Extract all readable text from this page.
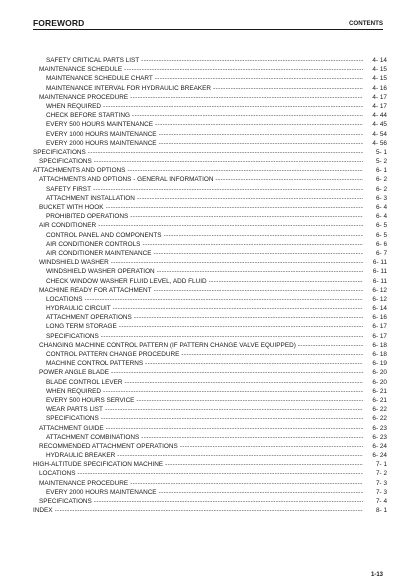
FOREWORD	CONTENTS
SAFETY CRITICAL PARTS LIST -----	4- 14
MAINTENANCE SCHEDULE -----	4- 15
MAINTENANCE SCHEDULE CHART -----	4- 15
MAINTENANCE INTERVAL FOR HYDRAULIC BREAKER -----	4- 16
MAINTENANCE PROCEDURE -----	4- 17
WHEN REQUIRED -----	4- 17
CHECK BEFORE STARTING -----	4- 44
EVERY 500 HOURS MAINTENANCE -----	4- 45
EVERY 1000 HOURS MAINTENANCE -----	4- 54
EVERY 2000 HOURS MAINTENANCE -----	4- 56
SPECIFICATIONS -----	5- 1
SPECIFICATIONS -----	5- 2
ATTACHMENTS AND OPTIONS -----	6- 1
ATTACHMENTS AND OPTIONS - GENERAL INFORMATION -----	6- 2
SAFETY FIRST -----	6- 2
ATTACHMENT INSTALLATION -----	6- 3
BUCKET WITH HOOK -----	6- 4
PROHIBITED OPERATIONS -----	6- 4
AIR CONDITIONER -----	6- 5
CONTROL PANEL AND COMPONENTS -----	6- 5
AIR CONDITIONER CONTROLS -----	6- 6
AIR CONDITIONER MAINTENANCE -----	6- 7
WINDSHIELD WASHER -----	6- 11
WINDSHIELD WASHER OPERATION -----	6- 11
CHECK WINDOW WASHER FLUID LEVEL, ADD FLUID -----	6- 11
MACHINE READY FOR ATTACHMENT -----	6- 12
LOCATIONS -----	6- 12
HYDRAULIC CIRCUIT -----	6- 14
ATTACHMENT OPERATIONS -----	6- 16
LONG TERM STORAGE -----	6- 17
SPECIFICATIONS -----	6- 17
CHANGING MACHINE CONTROL PATTERN (IF PATTERN CHANGE VALVE EQUIPPED) -----	6- 18
CONTROL PATTERN CHANGE PROCEDURE -----	6- 18
MACHINE CONTROL PATTERNS -----	6- 19
POWER ANGLE BLADE -----	6- 20
BLADE CONTROL LEVER -----	6- 20
WHEN REQUIRED -----	6- 21
EVERY 500 HOURS SERVICE -----	6- 21
WEAR PARTS LIST -----	6- 22
SPECIFICATIONS -----	6- 22
ATTACHMENT GUIDE -----	6- 23
ATTACHMENT COMBINATIONS -----	6- 23
RECOMMENDED ATTACHMENT OPERATIONS -----	6- 24
HYDRAULIC BREAKER -----	6- 24
HIGH-ALTITUDE SPECIFICATION MACHINE -----	7- 1
LOCATIONS -----	7- 2
MAINTENANCE PROCEDURE -----	7- 3
EVERY 2000 HOURS MAINTENANCE -----	7- 3
SPECIFICATIONS -----	7- 4
INDEX -----	8- 1
1-13
